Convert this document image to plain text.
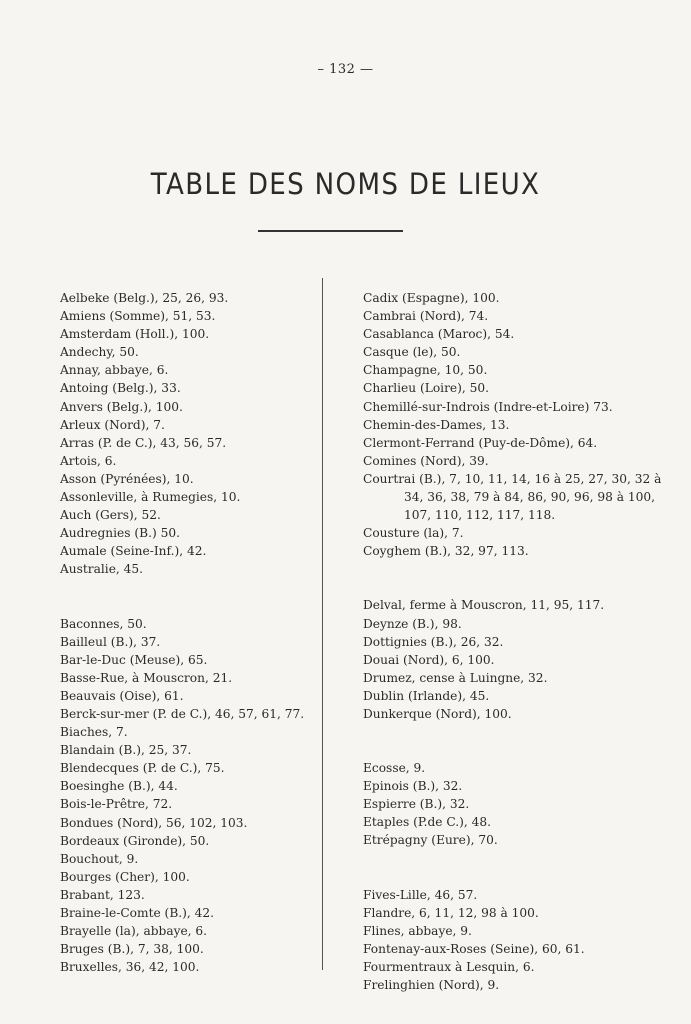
– 132 —
TABLE DES NOMS DE LIEUX

Aelbeke (Belg.), 25, 26, 93.

Amiens (Somme), 51, 53.

Amsterdam (Holl.), 100.

Andechy, 50.

Annay, abbaye, 6.

Antoing (Belg.), 33.

Anvers (Belg.), 100.

Arleux (Nord), 7.

Arras (P. de C.), 43, 56, 57.

Artois, 6.

Asson (Pyrénées), 10.

Assonleville, à Rumegies, 10.

Auch (Gers), 52.

Audregnies (B.) 50.

Aumale (Seine-Inf.), 42.

Australie, 45.

Baconnes, 50.

Bailleul (B.), 37.

Bar-le-Duc (Meuse), 65.

Basse-Rue, à Mouscron, 21.

Beauvais (Oise), 61.

Berck-sur-mer (P. de C.), 46, 57, 61, 77.

Biaches, 7.

Blandain (B.), 25, 37.

Blendecques (P. de C.), 75.

Boesinghe (B.), 44.

Bois-le-Prêtre, 72.

Bondues (Nord), 56, 102, 103.

Bordeaux (Gironde), 50.

Bouchout, 9.

Bourges (Cher), 100.

Brabant, 123.

Braine-le-Comte (B.), 42.

Brayelle (la), abbaye, 6.

Bruges (B.), 7, 38, 100.

Bruxelles, 36, 42, 100.

Cadix (Espagne), 100.

Cambrai (Nord), 74.

Casablanca (Maroc), 54.

Casque (le), 50.

Champagne, 10, 50.

Charlieu (Loire), 50.

Chemillé-sur-Indrois (Indre-et-Loire) 73.

Chemin-des-Dames, 13.

Clermont-Ferrand (Puy-de-Dôme), 64.

Comines (Nord), 39.

Courtrai (B.), 7, 10, 11, 14, 16 à 25, 27, 30, 32 à 34, 36, 38, 79 à 84, 86, 90, 96, 98 à 100, 107, 110, 112, 117, 118.

Cousture (la), 7.

Coyghem (B.), 32, 97, 113.

Delval, ferme à Mouscron, 11, 95, 117.

Deynze (B.), 98.

Dottignies (B.), 26, 32.

Douai (Nord), 6, 100.

Drumez, cense à Luingne, 32.

Dublin (Irlande), 45.

Dunkerque (Nord), 100.

Ecosse, 9.

Epinois (B.), 32.

Espierre (B.), 32.

Etaples (P.de C.), 48.

Etrépagny (Eure), 70.

Fives-Lille, 46, 57.

Flandre, 6, 11, 12, 98 à 100.

Flines, abbaye, 9.

Fontenay-aux-Roses (Seine), 60, 61.

Fourmentraux à Lesquin, 6.

Frelinghien (Nord), 9.
